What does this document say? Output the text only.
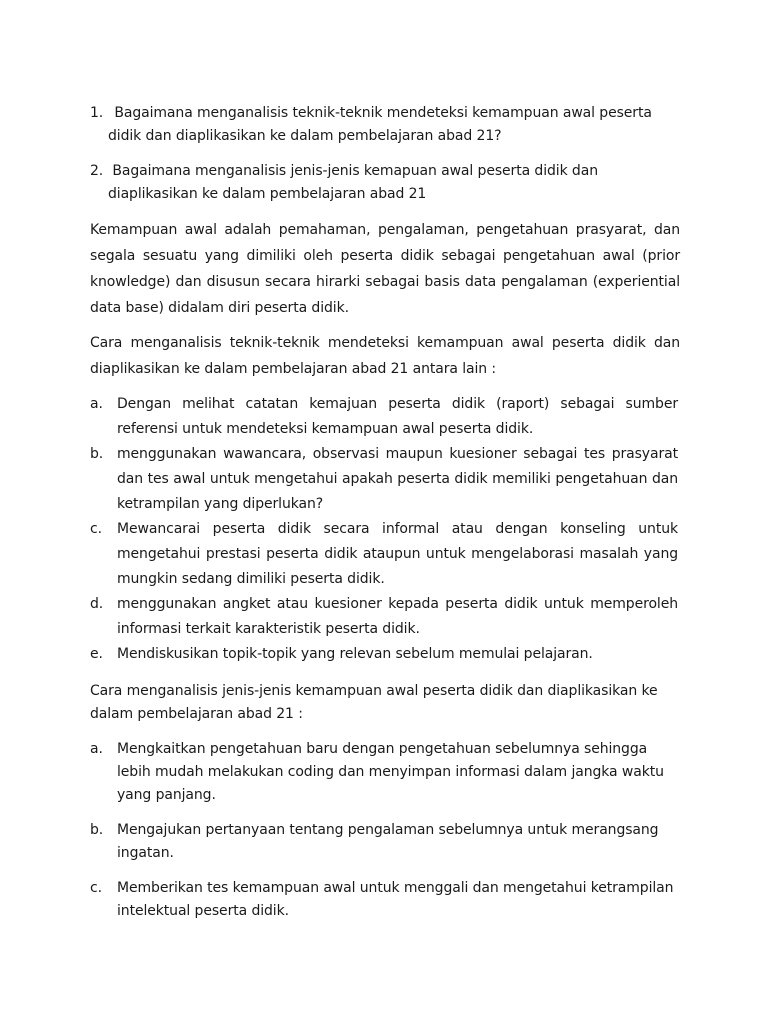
1. Bagaimana menganalisis teknik-teknik mendeteksi kemampuan awal peserta
didik dan diaplikasikan ke dalam pembelajaran abad 21?
2. Bagaimana menganalisis jenis-jenis kemapuan awal peserta didik dan
diaplikasikan ke dalam pembelajaran abad 21
Kemampuan awal adalah pemahaman, pengalaman, pengetahuan prasyarat, dan segala sesuatu yang dimiliki oleh peserta didik sebagai pengetahuan awal (prior knowledge) dan disusun secara hirarki sebagai basis data pengalaman (experiential data base) didalam diri peserta didik.
Cara menganalisis teknik-teknik mendeteksi kemampuan awal peserta didik dan diaplikasikan ke dalam pembelajaran abad 21 antara lain :
a. Dengan melihat catatan kemajuan peserta didik (raport) sebagai sumber referensi untuk mendeteksi kemampuan awal peserta didik.
b. menggunakan wawancara, observasi maupun kuesioner sebagai tes prasyarat dan tes awal untuk mengetahui apakah peserta didik memiliki pengetahuan dan ketrampilan yang diperlukan?
c. Mewancarai peserta didik secara informal atau dengan konseling untuk mengetahui prestasi peserta didik ataupun untuk mengelaborasi masalah yang mungkin sedang dimiliki peserta didik.
d. menggunakan angket atau kuesioner kepada peserta didik untuk memperoleh informasi terkait karakteristik peserta didik.
e. Mendiskusikan topik-topik yang relevan sebelum memulai pelajaran.
Cara menganalisis jenis-jenis kemampuan awal peserta didik dan diaplikasikan ke dalam pembelajaran abad 21 :
a. Mengkaitkan pengetahuan baru dengan pengetahuan sebelumnya sehingga lebih mudah melakukan coding dan menyimpan informasi dalam jangka waktu yang panjang.
b. Mengajukan pertanyaan tentang pengalaman sebelumnya untuk merangsang ingatan.
c. Memberikan tes kemampuan awal untuk menggali dan mengetahui ketrampilan intelektual peserta didik.
